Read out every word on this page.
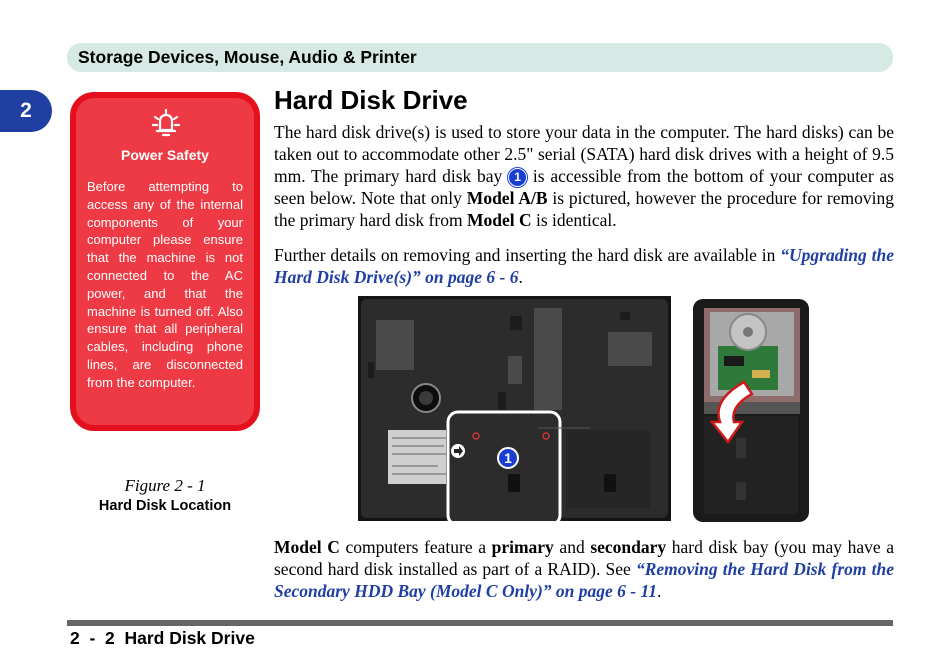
Storage Devices, Mouse, Audio & Printer
2
Power Safety

Before attempting to access any of the internal components of your computer please ensure that the machine is not connected to the AC power, and that the machine is turned off. Also ensure that all peripheral cables, including phone lines, are disconnected from the computer.

Figure 2 - 1
Hard Disk Location
Hard Disk Drive

The hard disk drive(s) is used to store your data in the computer. The hard disks) can be taken out to accommodate other 2.5" serial (SATA) hard disk drives with a height of 9.5 mm. The primary hard disk bay 1 is accessible from the bottom of your computer as seen below. Note that only Model A/B is pictured, however the procedure for removing the primary hard disk from Model C is identical.

Further details on removing and inserting the hard disk are available in “Upgrading the Hard Disk Drive(s)” on page 6 - 6.

1

Model C computers feature a primary and secondary hard disk bay (you may have a second hard disk installed as part of a RAID). See “Removing the Hard Disk from the Secondary HDD Bay (Model C Only)” on page 6 - 11.

2  -  2  Hard Disk Drive
